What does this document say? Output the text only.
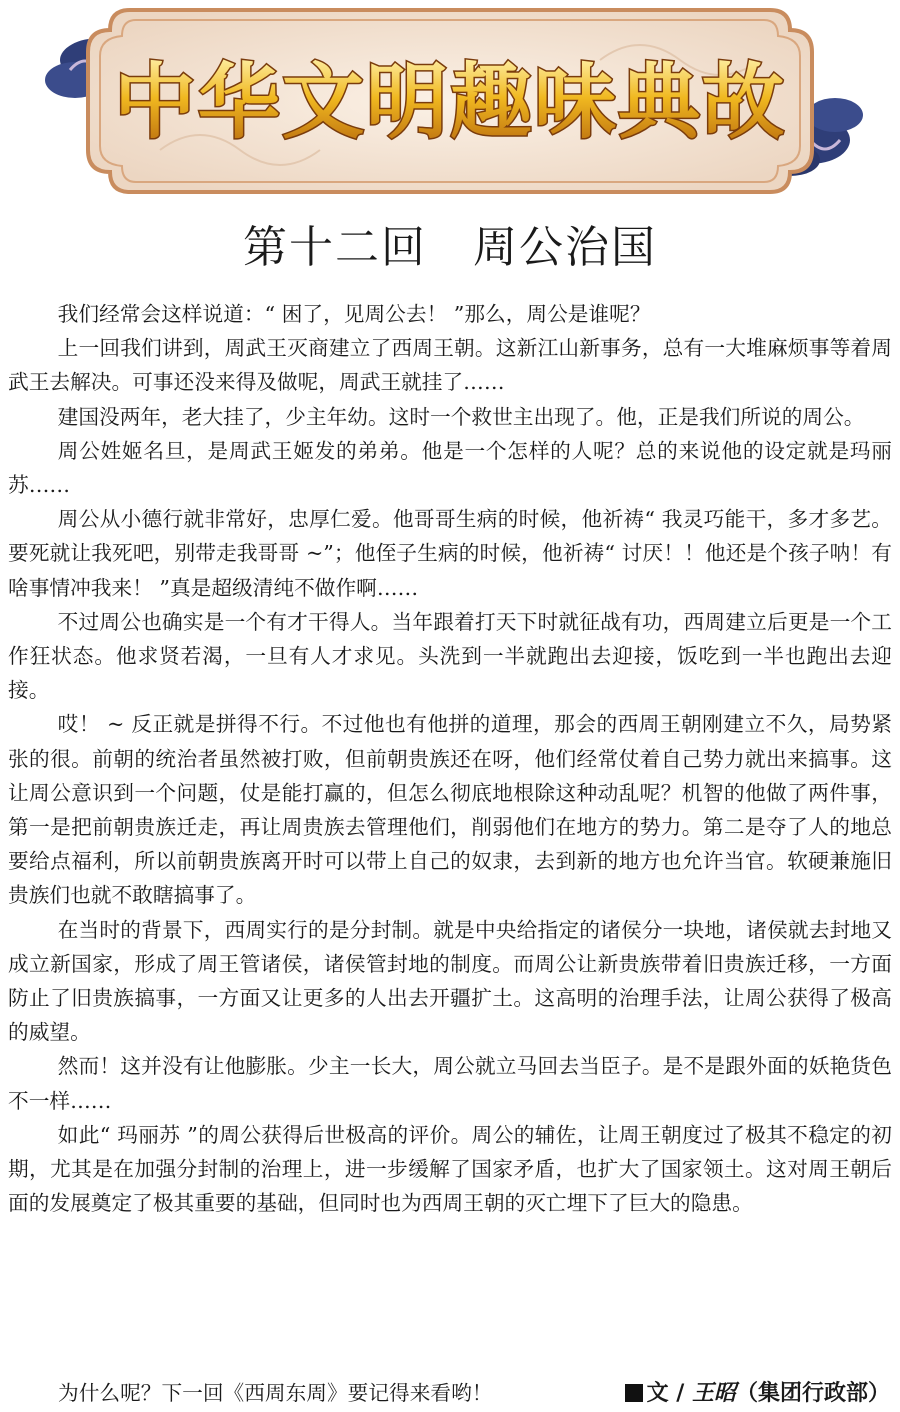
中华文明趣味典故
第十二回　 周公治国

我们经常会这样说道：“ 困了，见周公去！ ”那么，周公是谁呢？

上一回我们讲到，周武王灭商建立了西周王朝。这新江山新事务，总有一大堆麻烦事等着周武王去解决。可事还没来得及做呢，周武王就挂了……

建国没两年，老大挂了，少主年幼。这时一个救世主出现了。他，正是我们所说的周公。

周公姓姬名旦，是周武王姬发的弟弟。他是一个怎样的人呢？总的来说他的设定就是玛丽苏……

周公从小德行就非常好，忠厚仁爱。他哥哥生病的时候，他祈祷“ 我灵巧能干，多才多艺。要死就让我死吧，别带走我哥哥 ~”；他侄子生病的时候，他祈祷“ 讨厌！！他还是个孩子呐！有啥事情冲我来！ ”真是超级清纯不做作啊……

不过周公也确实是一个有才干得人。当年跟着打天下时就征战有功，西周建立后更是一个工作狂状态。他求贤若渴，一旦有人才求见。头洗到一半就跑出去迎接，饭吃到一半也跑出去迎接。

哎！ ~ 反正就是拼得不行。不过他也有他拼的道理，那会的西周王朝刚建立不久，局势紧张的很。前朝的统治者虽然被打败，但前朝贵族还在呀，他们经常仗着自己势力就出来搞事。这让周公意识到一个问题，仗是能打赢的，但怎么彻底地根除这种动乱呢？机智的他做了两件事，第一是把前朝贵族迁走，再让周贵族去管理他们，削弱他们在地方的势力。第二是夺了人的地总要给点福利，所以前朝贵族离开时可以带上自己的奴隶，去到新的地方也允许当官。软硬兼施旧贵族们也就不敢瞎搞事了。

在当时的背景下，西周实行的是分封制。就是中央给指定的诸侯分一块地，诸侯就去封地又成立新国家，形成了周王管诸侯，诸侯管封地的制度。而周公让新贵族带着旧贵族迁移，一方面防止了旧贵族搞事，一方面又让更多的人出去开疆扩土。这高明的治理手法，让周公获得了极高的威望。

然而！这并没有让他膨胀。少主一长大，周公就立马回去当臣子。是不是跟外面的妖艳货色不一样……

如此“ 玛丽苏 ”的周公获得后世极高的评价。周公的辅佐，让周王朝度过了极其不稳定的初期，尤其是在加强分封制的治理上，进一步缓解了国家矛盾，也扩大了国家领土。这对周王朝后面的发展奠定了极其重要的基础，但同时也为西周王朝的灭亡埋下了巨大的隐患。

为什么呢？下一回《西周东周》要记得来看哟！	文 / 王昭（集团行政部）
